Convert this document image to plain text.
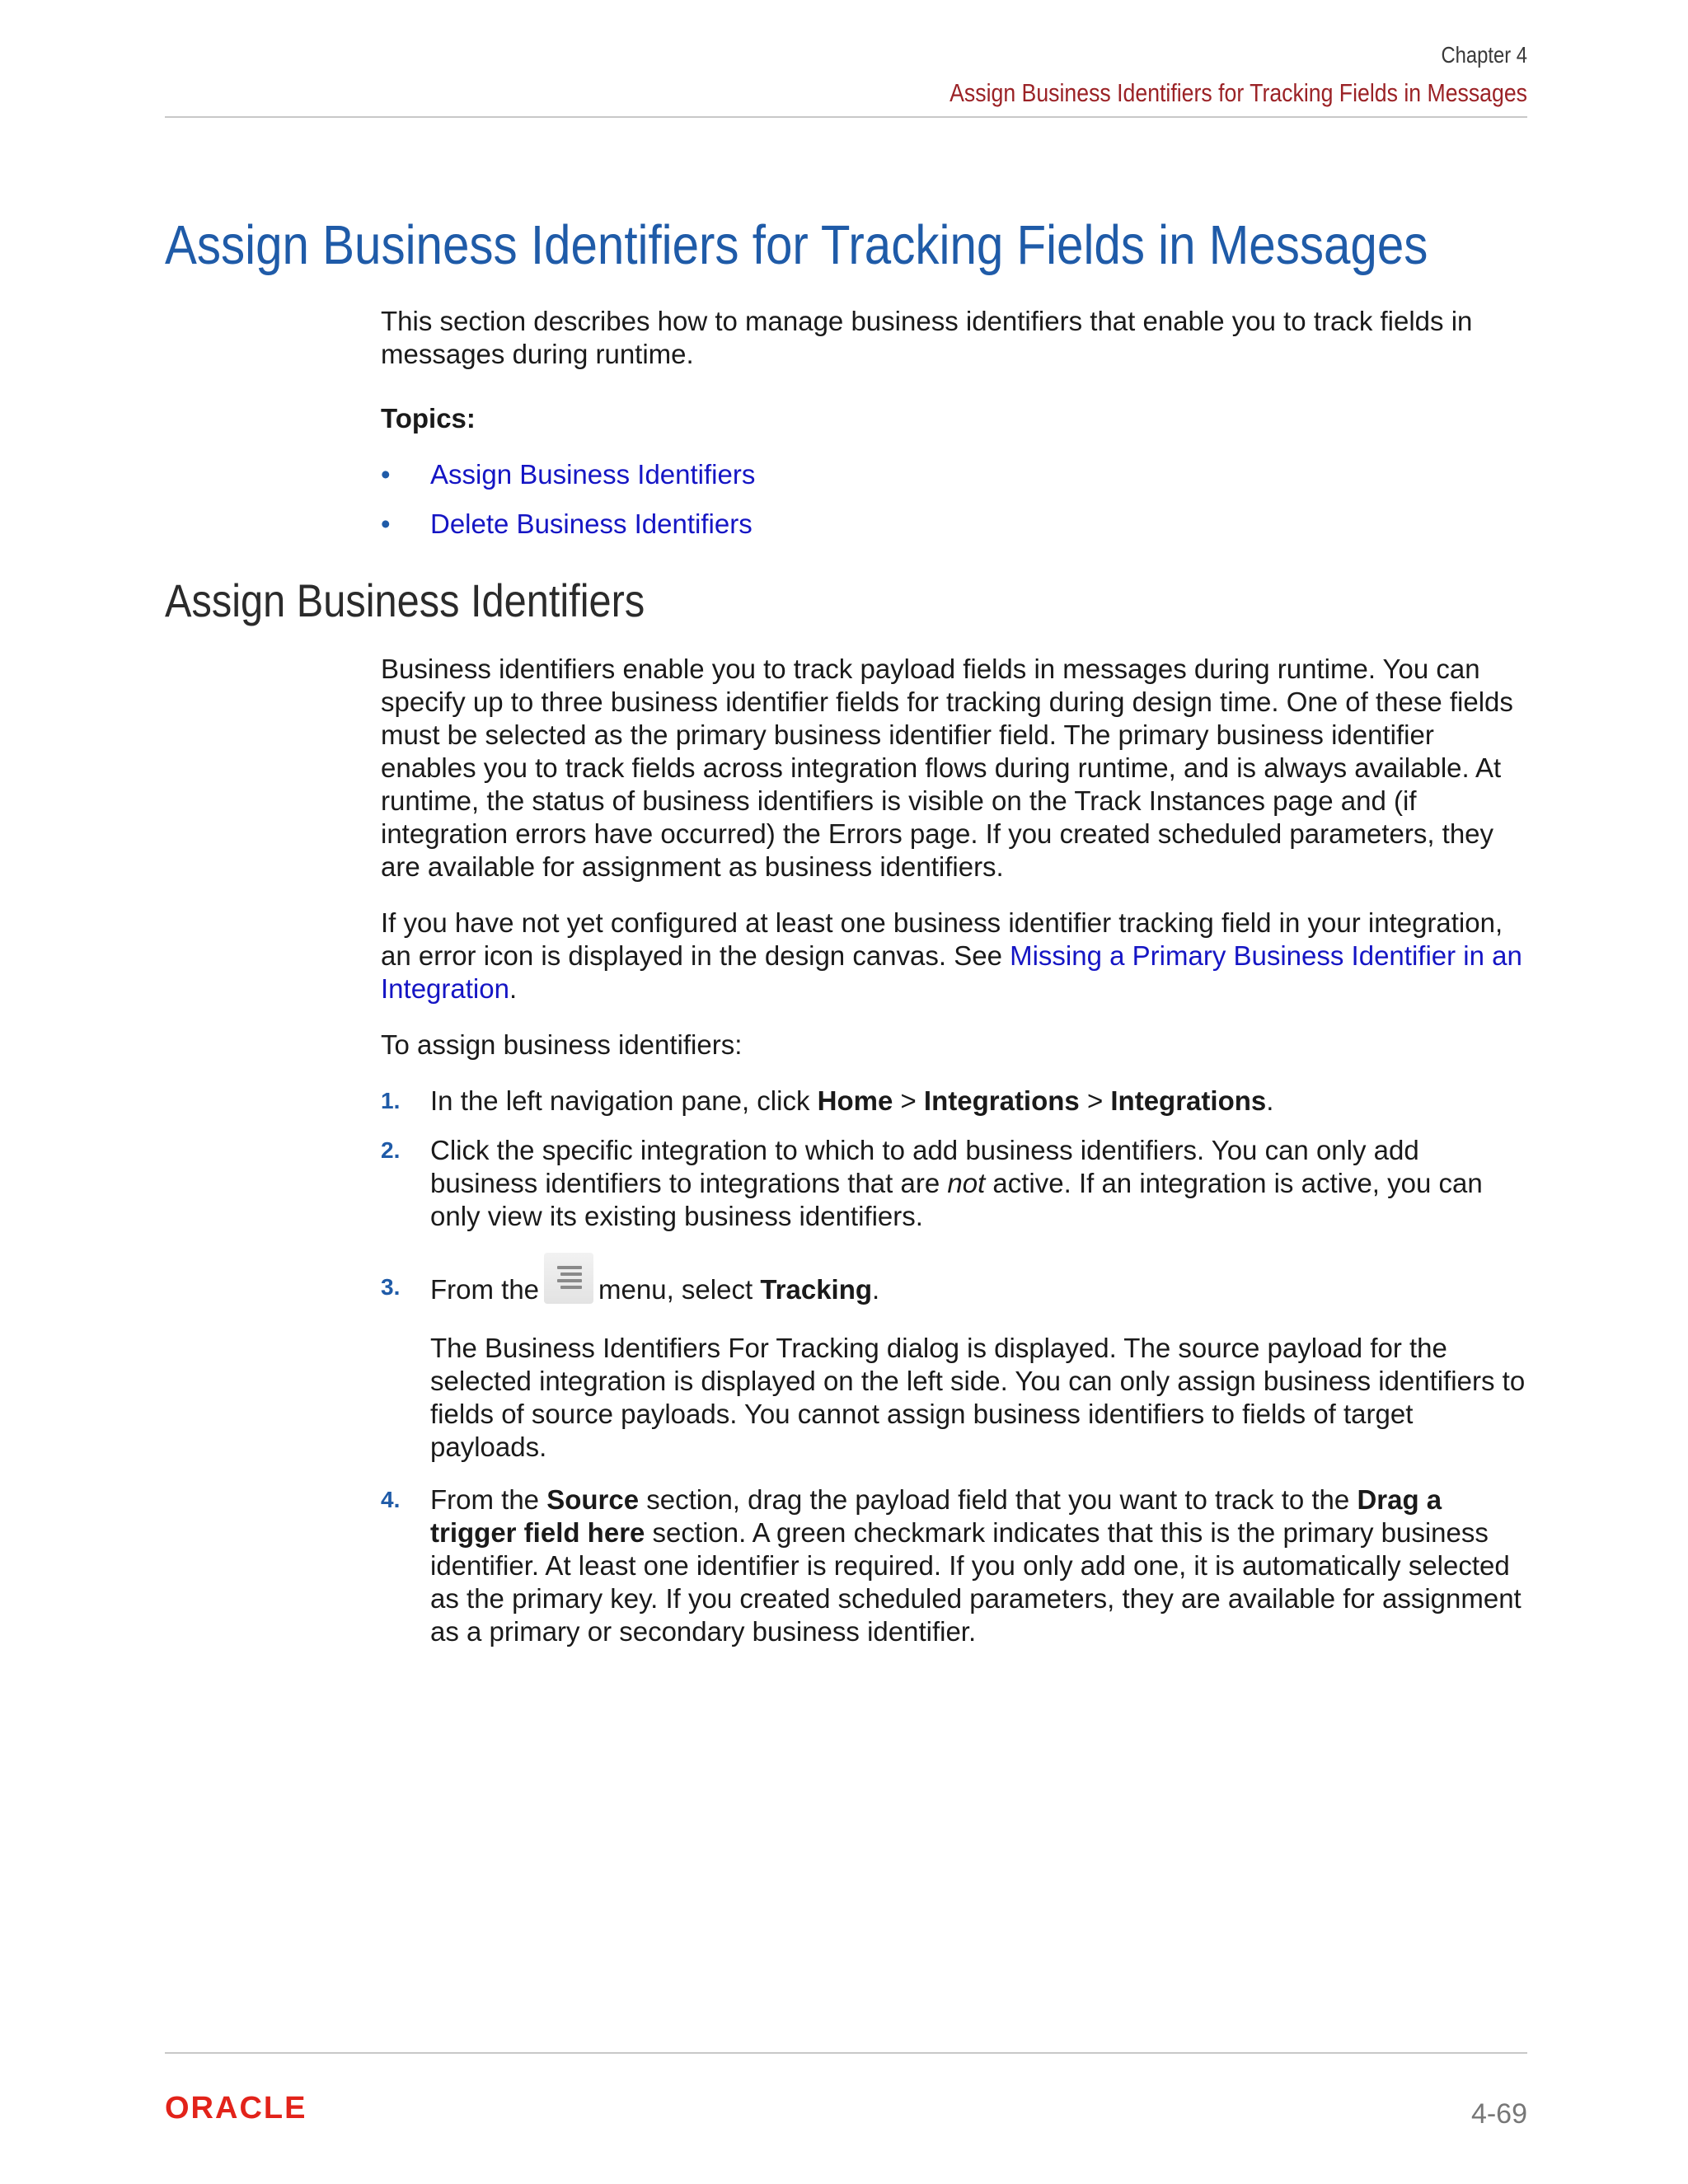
Chapter 4
Assign Business Identifiers for Tracking Fields in Messages
Assign Business Identifiers for Tracking Fields in Messages

This section describes how to manage business identifiers that enable you to track fields in messages during runtime.

Topics:

• Assign Business Identifiers
• Delete Business Identifiers
Assign Business Identifiers

Business identifiers enable you to track payload fields in messages during runtime. You can specify up to three business identifier fields for tracking during design time. One of these fields must be selected as the primary business identifier field. The primary business identifier enables you to track fields across integration flows during runtime, and is always available. At runtime, the status of business identifiers is visible on the Track Instances page and (if integration errors have occurred) the Errors page. If you created scheduled parameters, they are available for assignment as business identifiers.

If you have not yet configured at least one business identifier tracking field in your integration, an error icon is displayed in the design canvas. See Missing a Primary Business Identifier in an Integration.

To assign business identifiers:

1. In the left navigation pane, click Home > Integrations > Integrations.
2. Click the specific integration to which to add business identifiers. You can only add business identifiers to integrations that are not active. If an integration is active, you can only view its existing business identifiers.
3. From the menu, select Tracking.

The Business Identifiers For Tracking dialog is displayed. The source payload for the selected integration is displayed on the left side. You can only assign business identifiers to fields of source payloads. You cannot assign business identifiers to fields of target payloads.

4. From the Source section, drag the payload field that you want to track to the Drag a trigger field here section. A green checkmark indicates that this is the primary business identifier. At least one identifier is required. If you only add one, it is automatically selected as the primary key. If you created scheduled parameters, they are available for assignment as a primary or secondary business identifier.
ORACLE	4-69
